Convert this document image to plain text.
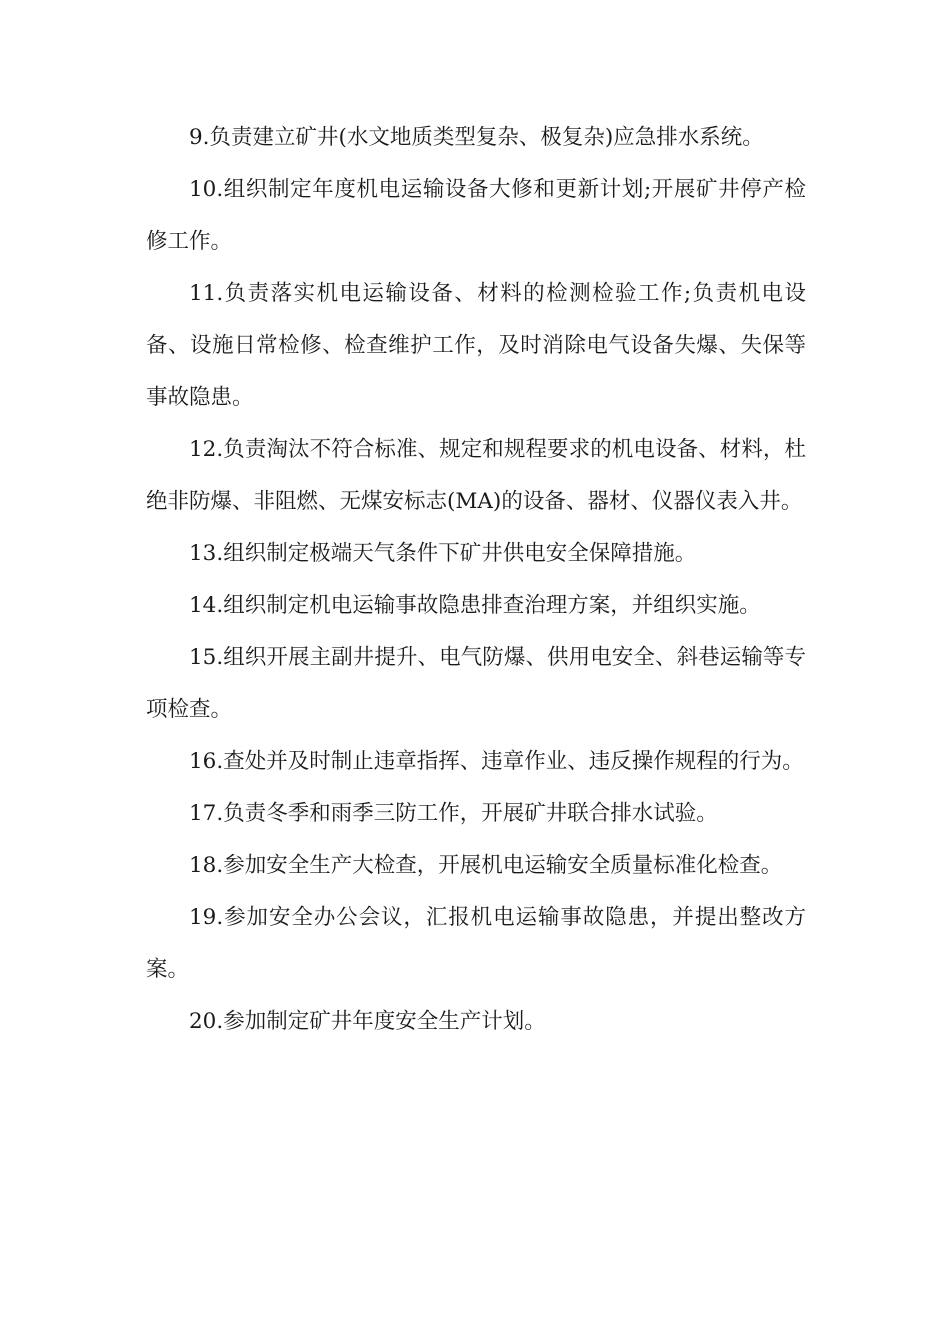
9.负责建立矿井(水文地质类型复杂、极复杂)应急排水系统。

10.组织制定年度机电运输设备大修和更新计划;开展矿井停产检修工作。

11.负责落实机电运输设备、材料的检测检验工作;负责机电设备、设施日常检修、检查维护工作，及时消除电气设备失爆、失保等事故隐患。

12.负责淘汰不符合标准、规定和规程要求的机电设备、材料，杜绝非防爆、非阻燃、无煤安标志(MA)的设备、器材、仪器仪表入井。

13.组织制定极端天气条件下矿井供电安全保障措施。

14.组织制定机电运输事故隐患排查治理方案，并组织实施。

15.组织开展主副井提升、电气防爆、供用电安全、斜巷运输等专项检查。

16.查处并及时制止违章指挥、违章作业、违反操作规程的行为。

17.负责冬季和雨季三防工作，开展矿井联合排水试验。

18.参加安全生产大检查，开展机电运输安全质量标准化检查。

19.参加安全办公会议，汇报机电运输事故隐患，并提出整改方案。

20.参加制定矿井年度安全生产计划。
